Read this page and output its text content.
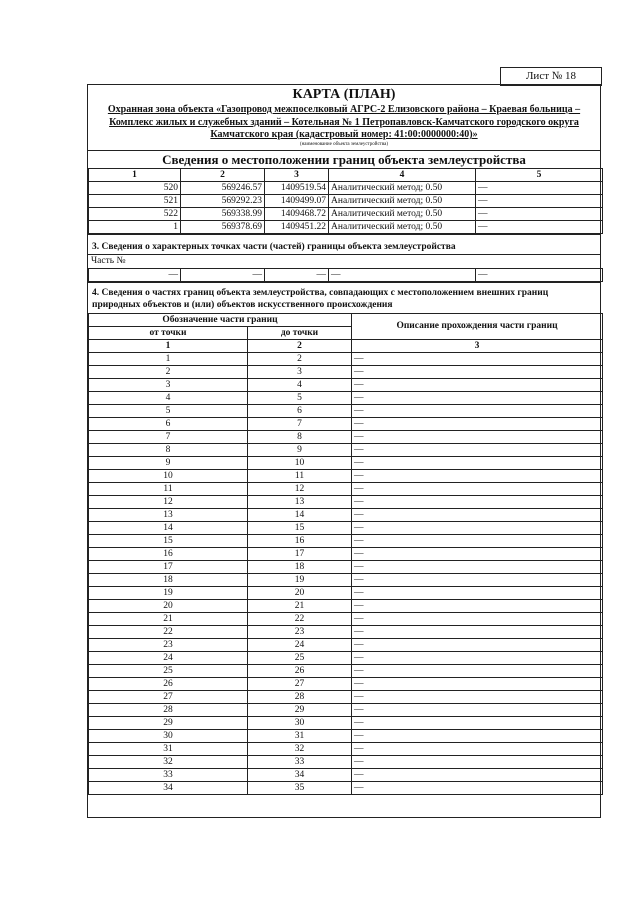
Лист № 18
КАРТА (ПЛАН)
Охранная зона объекта «Газопровод межпоселковый АГРС-2 Елизовского района – Краевая больница – Комплекс жилых и служебных зданий – Котельная № 1 Петропавловск-Камчатского городского округа Камчатского края (кадастровый номер: 41:00:0000000:40)»
(наименование объекта землеустройства)
Сведения о местоположении границ объекта землеустройства
1	2	3	4	5
520	569246.57	1409519.54	Аналитический метод; 0.50	—
521	569292.23	1409499.07	Аналитический метод; 0.50	—
522	569338.99	1409468.72	Аналитический метод; 0.50	—
1	569378.69	1409451.22	Аналитический метод; 0.50	—
3. Сведения о характерных точках части (частей) границы объекта землеустройства
Часть №
—	—	—	—	—
4. Сведения о частях границ объекта землеустройства, совпадающих с местоположением внешних границ природных объектов и (или) объектов искусственного происхождения
Обозначение части границ		Описание прохождения части границ
от точки	до точки	
1	2	3
1	2	—
2	3	—
3	4	—
4	5	—
5	6	—
6	7	—
7	8	—
8	9	—
9	10	—
10	11	—
11	12	—
12	13	—
13	14	—
14	15	—
15	16	—
16	17	—
17	18	—
18	19	—
19	20	—
20	21	—
21	22	—
22	23	—
23	24	—
24	25	—
25	26	—
26	27	—
27	28	—
28	29	—
29	30	—
30	31	—
31	32	—
32	33	—
33	34	—
34	35	—
